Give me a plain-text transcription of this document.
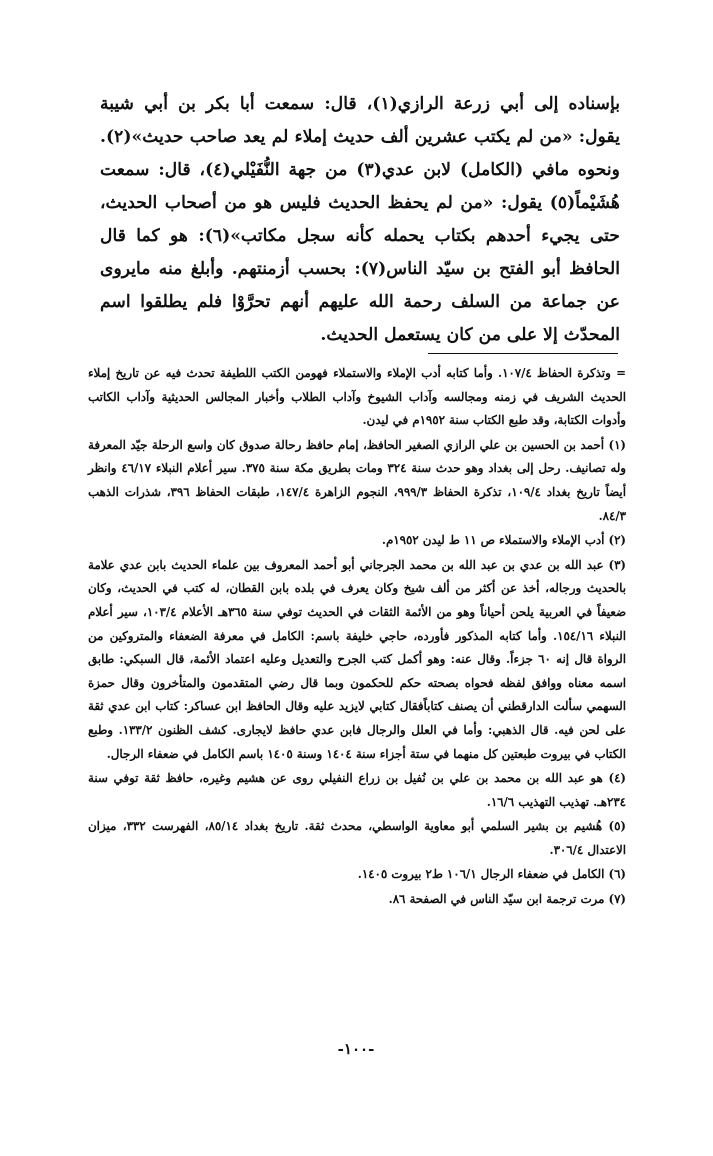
بإسناده إلى أبي زرعة الرازي(١)، قال: سمعت أبا بكر بن أبي شيبة يقول: «من لم يكتب عشرين ألف حديث إملاء لم يعد صاحب حديث»(٢). ونحوه مافي (الكامل) لابن عدي(٣) من جهة النُّفَيْلي(٤)، قال: سمعت هُشَيْماً(٥) يقول: «من لم يحفظ الحديث فليس هو من أصحاب الحديث، حتى يجيء أحدهم بكتاب يحمله كأنه سجل مكاتب»(٦): هو كما قال الحافظ أبو الفتح بن سيّد الناس(٧): بحسب أزمنتهم. وأبلغ منه مايروى عن جماعة من السلف رحمة الله عليهم أنهم تحرَّوْا فلم يطلقوا اسم المحدّث إلا على من كان يستعمل الحديث.

= وتذكرة الحفاظ ١٠٧/٤. وأما كتابه أدب الإملاء والاستملاء فهومن الكتب اللطيفة تحدث فيه عن تاريخ إملاء الحديث الشريف في زمنه ومجالسه وآداب الشيوخ وآداب الطلاب وأخبار المجالس الحديثية وآداب الكاتب وأدوات الكتابة، وقد طبع الكتاب سنة ١٩٥٢م في ليدن.

(١) أحمد بن الحسين بن علي الرازي الصغير الحافظ، إمام حافظ رحالة صدوق كان واسع الرحلة جيّد المعرفة وله تصانيف. رحل إلى بغداد وهو حدث سنة ٣٢٤ ومات بطريق مكة سنة ٣٧٥. سير أعلام النبلاء ٤٦/١٧ وانظر أيضاً تاريخ بغداد ١٠٩/٤، تذكرة الحفاظ ٩٩٩/٣، النجوم الزاهرة ١٤٧/٤، طبقات الحفاظ ٣٩٦، شذرات الذهب ٨٤/٣.

(٢) أدب الإملاء والاستملاء ص ١١ ط ليدن ١٩٥٢م.

(٣) عبد الله بن عدي بن عبد الله بن محمد الجرجاني أبو أحمد المعروف بين علماء الحديث بابن عدي علامة بالحديث ورجاله، أخذ عن أكثر من ألف شيخ وكان يعرف في بلده بابن القطان، له كتب في الحديث، وكان ضعيفاً في العربية يلحن أحياناً وهو من الأئمة الثقات في الحديث توفي سنة ٣٦٥هـ الأعلام ١٠٣/٤، سير أعلام النبلاء ١٥٤/١٦. وأما كتابه المذكور فأورده، حاجي خليفة باسم: الكامل في معرفة الضعفاء والمتروكين من الرواة قال إنه ٦٠ جزءاً. وقال عنه: وهو أكمل كتب الجرح والتعديل وعليه اعتماد الأئمة، قال السبكي: طابق اسمه معناه ووافق لفظه فحواه بصحته حكم للحكمون وبما قال رضي المتقدمون والمتأخرون وقال حمزة السهمي سألت الدارقطني أن يصنف كتاباًفقال كتابي لايزيد عليه وقال الحافظ ابن عساكر: كتاب ابن عدي ثقة على لحن فيه. قال الذهبي: وأما في العلل والرجال فابن عدي حافظ لايجارى. كشف الظنون ١٣٣/٢. وطبع الكتاب في بيروت طبعتين كل منهما في ستة أجزاء سنة ١٤٠٤ وسنة ١٤٠٥ باسم الكامل في ضعفاء الرجال.

(٤) هو عبد الله بن محمد بن علي بن نُفيل بن زراع النفيلي روى عن هشيم وغيره، حافظ ثقة توفي سنة ٢٣٤هـ. تهذيب التهذيب ١٦/٦.

(٥) هُشيم بن بشير السلمي أبو معاوية الواسطي، محدث ثقة. تاريخ بغداد ٨٥/١٤، الفهرست ٣٣٢، ميزان الاعتدال ٣٠٦/٤.

(٦) الكامل في ضعفاء الرجال ١٠٦/١ ط٢ بيروت ١٤٠٥.

(٧) مرت ترجمة ابن سيّد الناس في الصفحة ٨٦.

-١٠٠-
